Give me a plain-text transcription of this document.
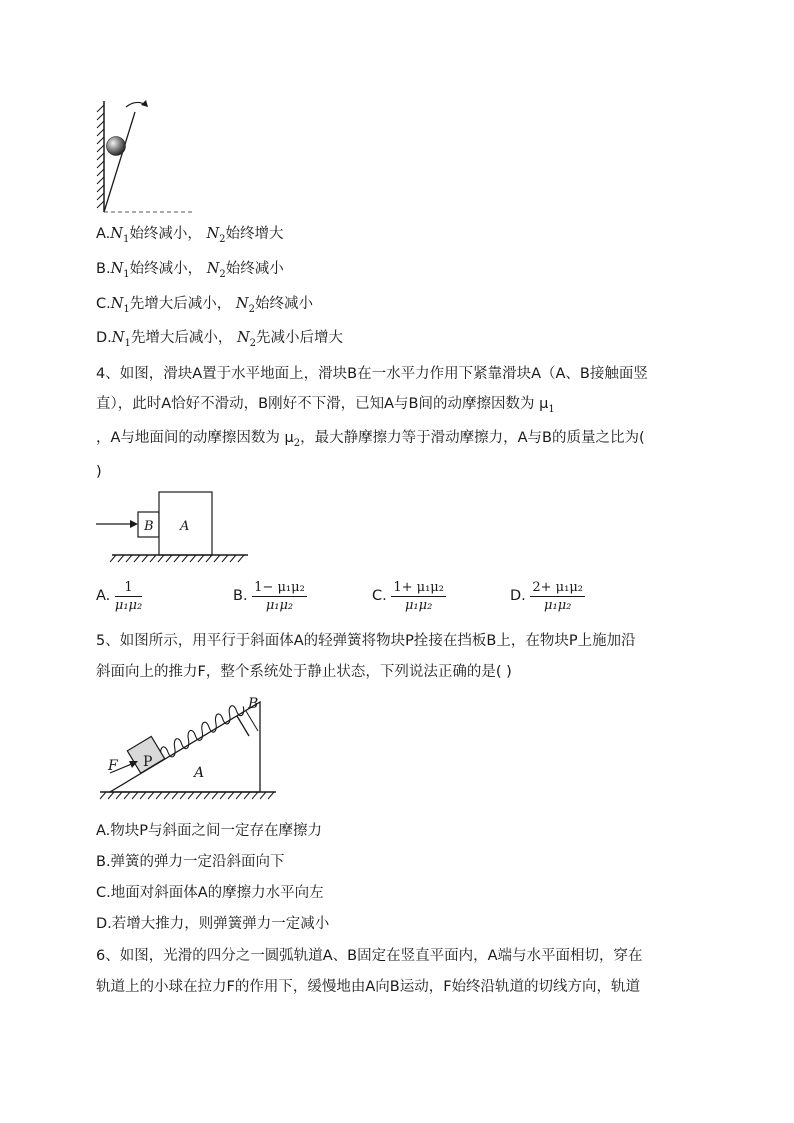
$A.N_1$始终减小， $N_2$始终增大
$B.N_1$始终减小， $N_2$始终减小
$C.N_1$先增大后减小， $N_2$始终减小
$D.N_1$先增大后减小， $N_2$先减小后增大
4、如图，滑块A置于水平地面上，滑块B在一水平力作用下紧靠滑块A（A、B接触面竖
直），此时A恰好不滑动，B刚好不下滑，已知A与B间的动摩擦因数为 $\mu_1$
，A与地面间的动摩擦因数为 $\mu_2$，最大静摩擦力等于滑动摩擦力，A与B的质量之比为(
)
B A
A. $\frac{1}{\text{μ₁μ₂}}$	B. $\frac{\text{1− μ₁μ₂}}{\text{μ₁μ₂}}$	C. $\frac{\text{1+ μ₁μ₂}}{\text{μ₁μ₂}}$	D. $\frac{\text{2+ μ₁μ₂}}{\text{μ₁μ₂}}$
5、如图所示，用平行于斜面体A的轻弹簧将物块P拴接在挡板B上，在物块P上施加沿
斜面向上的推力F，整个系统处于静止状态，下列说法正确的是( )
B
P
F	A
A.物块P与斜面之间一定存在摩擦力
B.弹簧的弹力一定沿斜面向下
C.地面对斜面体A的摩擦力水平向左
D.若增大推力，则弹簧弹力一定减小
6、如图，光滑的四分之一圆弧轨道A、B固定在竖直平面内，A端与水平面相切，穿在
轨道上的小球在拉力F的作用下，缓慢地由A向B运动，F始终沿轨道的切线方向，轨道
